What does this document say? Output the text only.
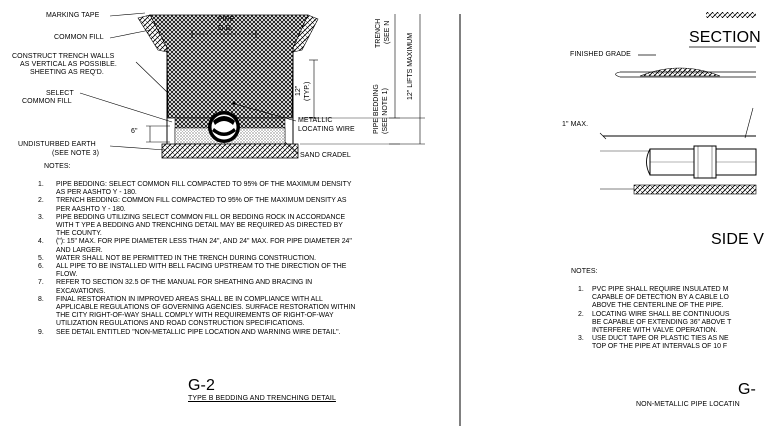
MARKING TAPE
COMMON FILL
CONSTRUCT TRENCH WALLS
AS VERTICAL AS POSSIBLE.
SHEETING AS REQ'D.
SELECT
COMMON FILL
UNDISTURBED EARTH
(SEE NOTE 3)
PIPE
O.D.
6"
METALLIC
LOCATING WIRE
SAND CRADEL
12" (TYP.)
TRENCH (SEE N
PIPE BEDDING (SEE NOTE 1)
12" LIFTS MAXIMUM
NOTES:
1. PIPE BEDDING: SELECT COMMON FILL COMPACTED TO 95% OF THE MAXIMUM DENSITY
AS PER AASHTO Y - 180.
2. TRENCH BEDDING: COMMON FILL COMPACTED TO 95% OF THE MAXIMUM DENSITY AS
PER AASHTO Y - 180.
3. PIPE BEDDING UTILIZING SELECT COMMON FILL OR BEDDING ROCK IN ACCORDANCE
WITH T YPE A BEDDING AND TRENCHING DETAIL MAY BE REQUIRED AS DIRECTED BY
THE COUNTY.
4. ("): 15" MAX. FOR PIPE DIAMETER LESS THAN 24", AND 24" MAX. FOR PIPE DIAMETER 24"
AND LARGER.
5. WATER SHALL NOT BE PERMITTED IN THE TRENCH DURING CONSTRUCTION.
6. ALL PIPE TO BE INSTALLED WITH BELL FACING UPSTREAM TO THE DIRECTION OF THE
FLOW.
7. REFER TO SECTION 32.5 OF THE MANUAL FOR SHEATHING AND BRACING IN
EXCAVATIONS.
8. FINAL RESTORATION IN IMPROVED AREAS SHALL BE IN COMPLIANCE WITH ALL
APPLICABLE REGULATIONS OF GOVERNING AGENCIES. SURFACE RESTORATION WITHIN
THE CITY RIGHT-OF-WAY SHALL COMPLY WITH REQUIREMENTS OF RIGHT-OF-WAY
UTILIZATION REGULATIONS AND ROAD CONSTRUCTION SPECIFICATIONS.
9. SEE DETAIL ENTITLED "NON-METALLIC PIPE LOCATION AND WARNING WIRE DETAIL".
G-2
TYPE B BEDDING AND TRENCHING DETAIL
SECTION
FINISHED GRADE
1" MAX.
SIDE V
NOTES:
1. PVC PIPE SHALL REQUIRE INSULATED M
CAPABLE OF DETECTION BY A CABLE LO
ABOVE THE CENTERLINE OF THE PIPE.
2. LOCATING WIRE SHALL BE CONTINUOUS
BE CAPABLE OF EXTENDING 36" ABOVE T
INTERFERE WITH VALVE OPERATION.
3. USE DUCT TAPE OR PLASTIC TIES AS NE
TOP OF THE PIPE AT INTERVALS OF 10 F
G-
NON-METALLIC PIPE LOCATIN
